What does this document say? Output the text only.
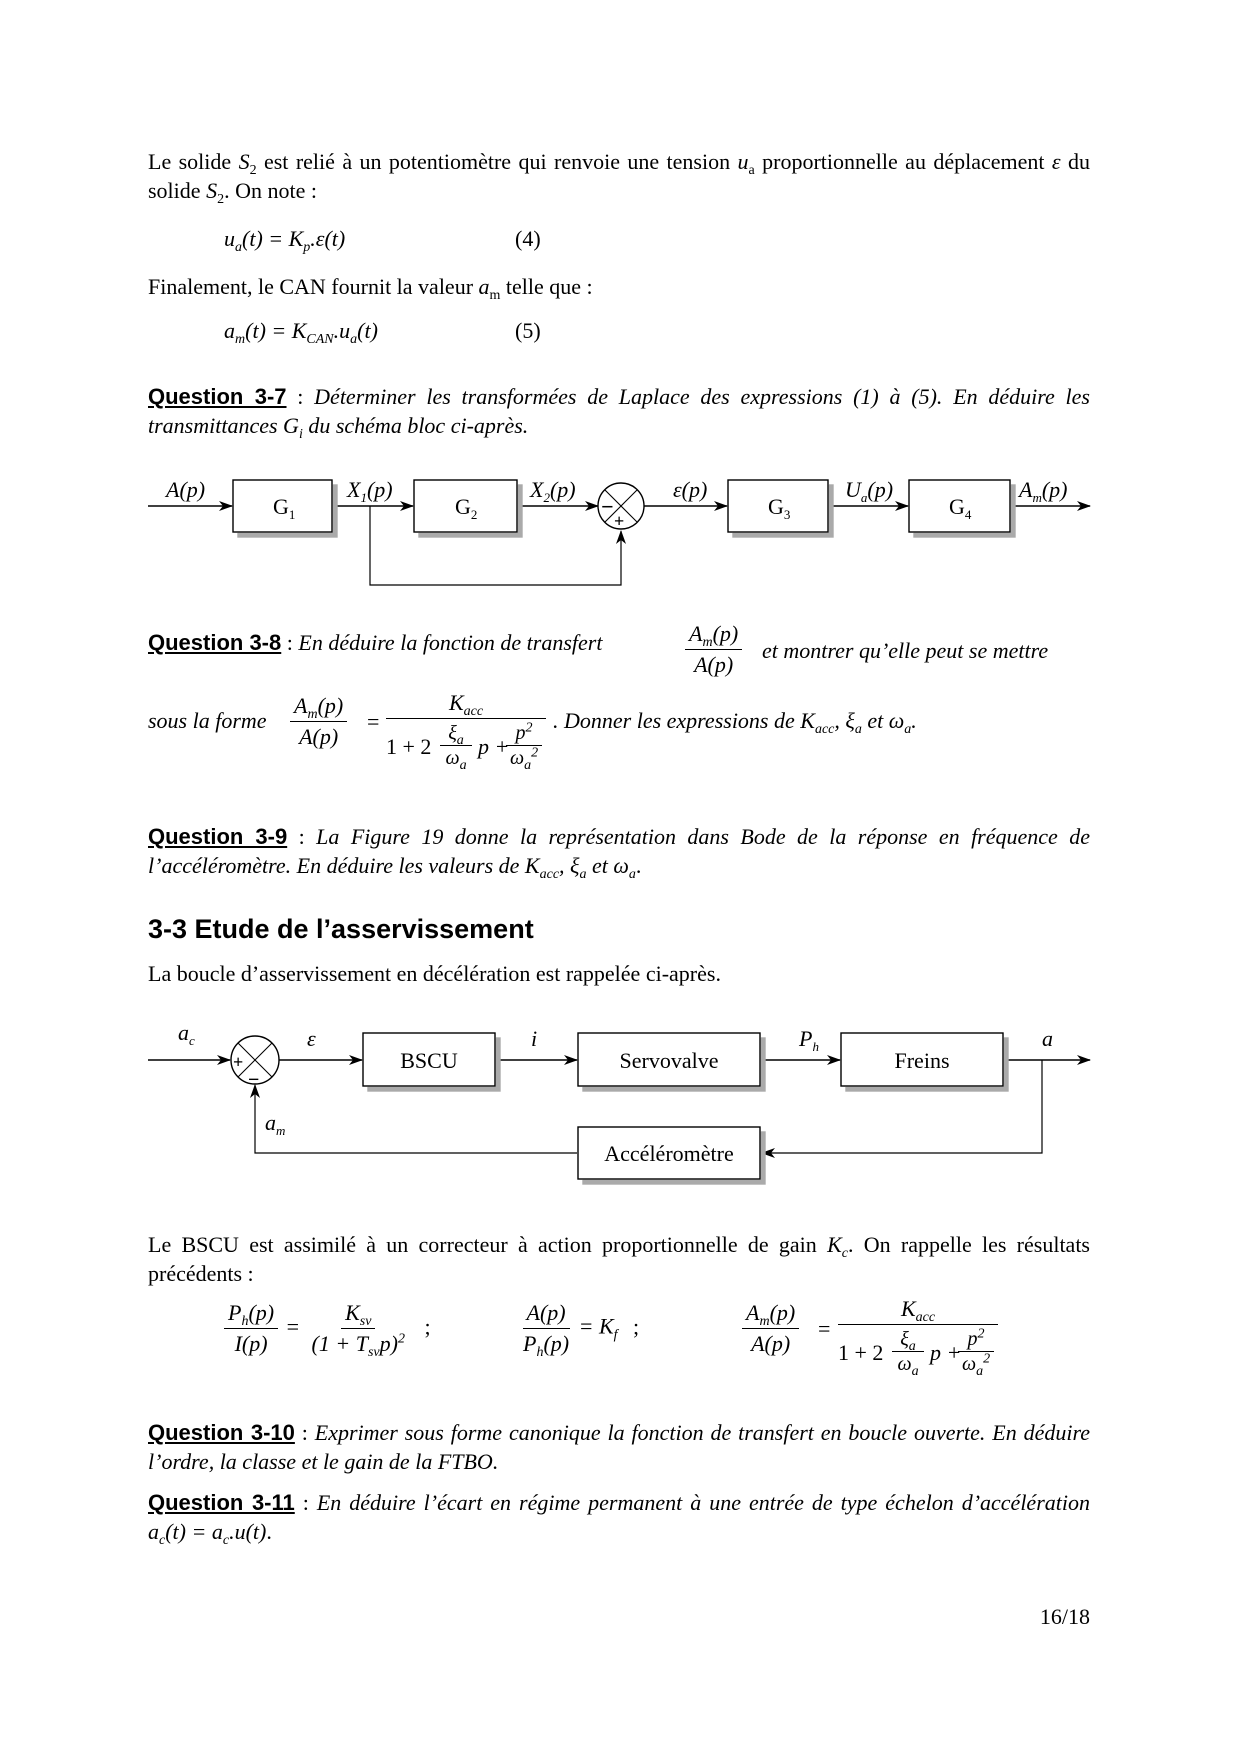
Le solide $S_2$ est relié à un potentiomètre qui renvoie une tension $u_a$ proportionnelle au déplacement ε du solide $S_2$. On note :
$u_a(t) = K_p.\varepsilon(t)$	(4)
Finalement, le CAN fournit la valeur $a_m$ telle que :
$a_m(t) = K_{CAN}.u_a(t)$	(5)
Question 3-7 : Déterminer les transformées de Laplace des expressions (1) à (5). En déduire les transmittances $G_i$ du schéma bloc ci-après.
$G_1$	$G_2$	$G_3$	$G_4$
A(p)	$X_1(p)$	$X_2(p)$	ε(p)	$U_a(p)$	$A_m(p)$
−
+
Question 3-8 : En déduire la fonction de transfert	$\frac{A_m(p)}{A(p)}$ et montrer qu’elle peut se mettre
sous la forme $\frac{A_m(p)}{A(p)}$ =
$K_{acc}$
1 + 2
$\xi_a$
$\omega_a$
p +
$p^2$
$\omega_a^2$
. Donner les expressions de $K_{acc}$, $\xi_a$ et $\omega_a$.
Question 3-9 : La Figure 19 donne la représentation dans Bode de la réponse en fréquence de l’accéléromètre. En déduire les valeurs de $K_{acc}$, $\xi_a$ et $\omega_a$.
3-3 Etude de l’asservissement
La boucle d’asservissement en décélération est rappelée ci-après.
+
−
BSCU	Servovalve	Freins
Accéléromètre
$a_c$	ε	i	$P_h$	a
$a_m$
Le BSCU est assimilé à un correcteur à action proportionnelle de gain $K_c$. On rappelle les résultats précédents :
$\frac{P_h(p)}{I(p)} = \frac{K_{sv}}{(1 + T_{sv}p)^2}$ ;	$\frac{A(p)}{P_h(p)} = K_f$ ;	$\frac{A_m(p)}{A(p)}$ =
$K_{acc}$
1 + 2
$\xi_a$
$\omega_a$
p +
$p^2$
$\omega_a^2$
Question 3-10 : Exprimer sous forme canonique la fonction de transfert en boucle ouverte. En déduire l’ordre, la classe et le gain de la FTBO.
Question 3-11 : En déduire l’écart en régime permanent à une entrée de type échelon d’accélération $a_c(t) = a_c.u(t)$.
16/18
